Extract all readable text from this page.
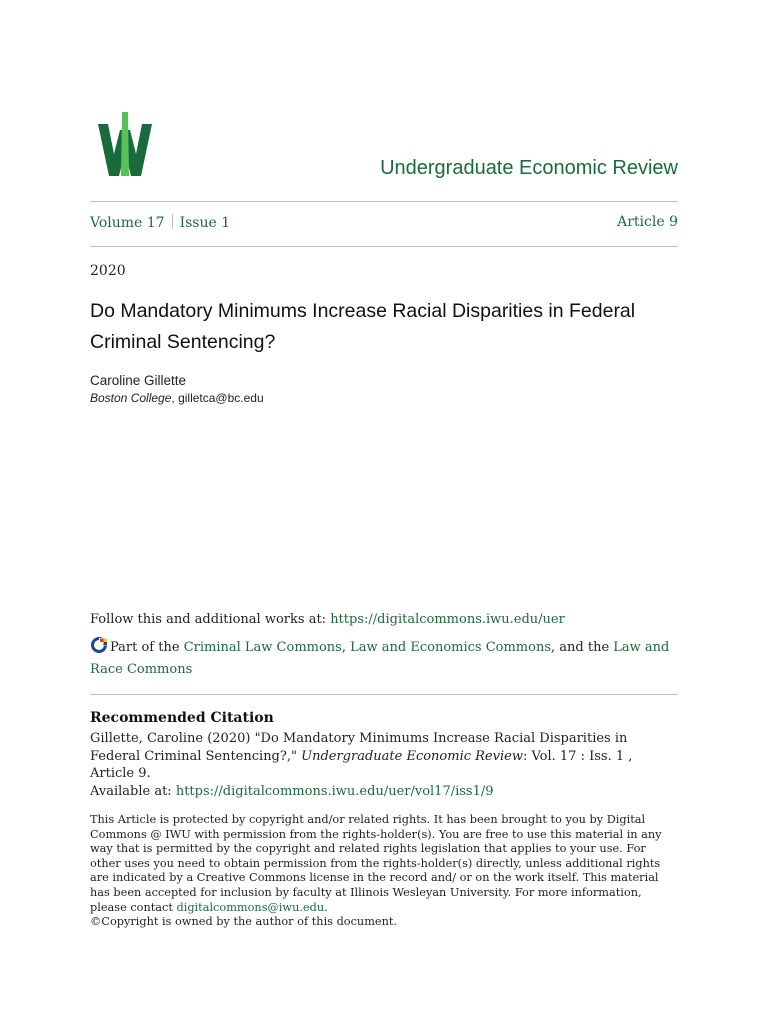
Undergraduate Economic Review
Volume 17 Issue 1	Article 9
2020
Do Mandatory Minimums Increase Racial Disparities in Federal Criminal Sentencing?
Caroline Gillette
Boston College, gilletca@bc.edu
Follow this and additional works at: https://digitalcommons.iwu.edu/uer
Part of the Criminal Law Commons, Law and Economics Commons, and the Law and Race Commons
Recommended Citation
Gillette, Caroline (2020) "Do Mandatory Minimums Increase Racial Disparities in Federal Criminal Sentencing?," Undergraduate Economic Review: Vol. 17 : Iss. 1 , Article 9.
Available at: https://digitalcommons.iwu.edu/uer/vol17/iss1/9
This Article is protected by copyright and/or related rights. It has been brought to you by Digital Commons @ IWU with permission from the rights-holder(s). You are free to use this material in any way that is permitted by the copyright and related rights legislation that applies to your use. For other uses you need to obtain permission from the rights-holder(s) directly, unless additional rights are indicated by a Creative Commons license in the record and/ or on the work itself. This material has been accepted for inclusion by faculty at Illinois Wesleyan University. For more information, please contact digitalcommons@iwu.edu.
©Copyright is owned by the author of this document.
